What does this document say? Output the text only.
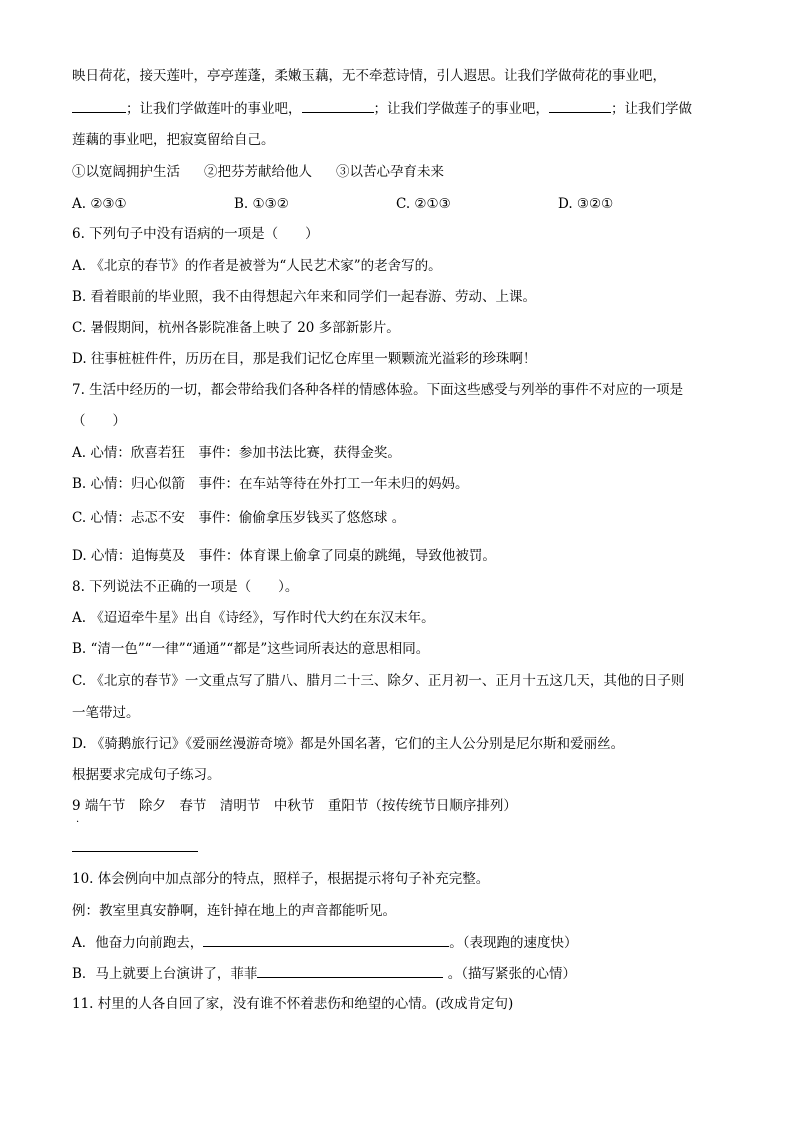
映日荷花，接天莲叶，亭亭莲蓬，柔嫩玉藕，无不牵惹诗情，引人遐思。让我们学做荷花的事业吧，
；让我们学做莲叶的事业吧，	；让我们学做莲子的事业吧，	；让我们学做
莲藕的事业吧，把寂寞留给自己。
①以宽阔拥护生活 ②把芬芳献给他人 ③以苦心孕育未来
A. ②③①	B. ①③②	C. ②①③	D. ③②①
6. 下列句子中没有语病的一项是（　　）
A. 《北京的春节》的作者是被誉为“人民艺术家”的老舍写的。
B. 看着眼前的毕业照，我不由得想起六年来和同学们一起春游、劳动、上课。
C. 暑假期间，杭州各影院准备上映了 20 多部新影片。
D. 往事桩桩件件，历历在目，那是我们记忆仓库里一颗颗流光溢彩的珍珠啊！
7. 生活中经历的一切，都会带给我们各种各样的情感体验。下面这些感受与列举的事件不对应的一项是
（　　）
A. 心情：欣喜若狂　事件：参加书法比赛，获得金奖。
B. 心情：归心似箭　事件：在车站等待在外打工一年未归的妈妈。
C. 心情：忐忑不安　事件：偷偷拿压岁钱买了悠悠球 。
D. 心情：追悔莫及　事件：体育课上偷拿了同桌的跳绳，导致他被罚。
8. 下列说法不正确的一项是（　　）。
A. 《迢迢牵牛星》出自《诗经》，写作时代大约在东汉末年。
B. “清一色”“一律”“通通”“都是”这些词所表达的意思相同。
C. 《北京的春节》一文重点写了腊八、腊月二十三、除夕、正月初一、正月十五这几天，其他的日子则
一笔带过。
D. 《骑鹅旅行记》《爱丽丝漫游奇境》都是外国名著，它们的主人公分别是尼尔斯和爱丽丝。
根据要求完成句子练习。
9 端午节　除夕　春节　清明节　中秋节　重阳节（按传统节日顺序排列）
·
10. 体会例向中加点部分的特点，照样子，根据提示将句子补充完整。
例：教室里真安静啊，连针掉在地上的声音都能听见。
A．他奋力向前跑去，	。（表现跑的速度快）
B．马上就要上台演讲了，菲菲	。（描写紧张的心情）
11. 村里的人各自回了家，没有谁不怀着悲伤和绝望的心情。(改成肯定句)
